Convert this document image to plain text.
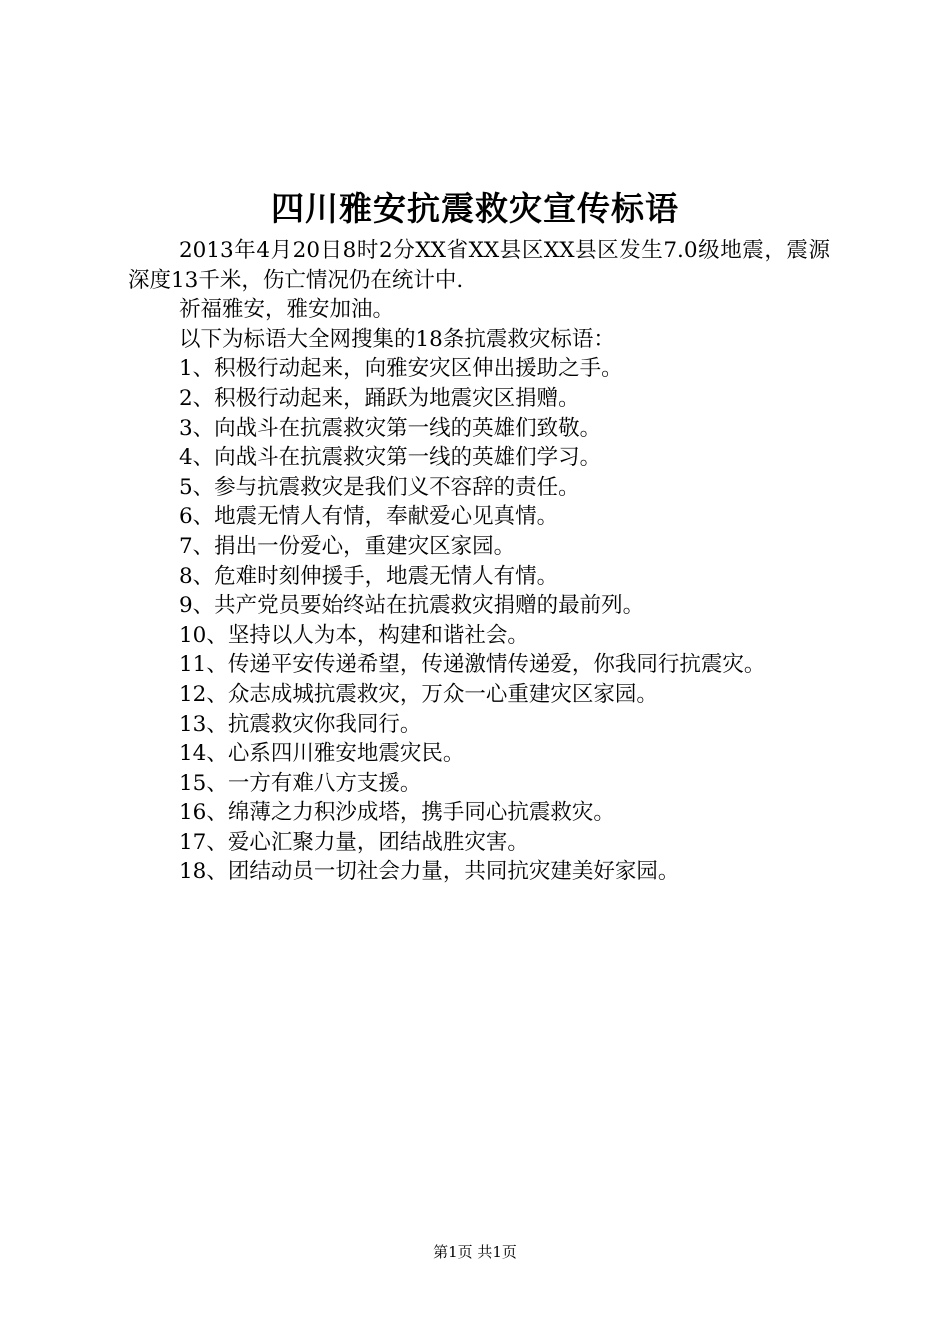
四川雅安抗震救灾宣传标语

2013年4月20日8时2分XX省XX县区XX县区发生7.0级地震，震源深度13千米，伤亡情况仍在统计中.

祈福雅安，雅安加油。

以下为标语大全网搜集的18条抗震救灾标语：

1、积极行动起来，向雅安灾区伸出援助之手。

2、积极行动起来，踊跃为地震灾区捐赠。

3、向战斗在抗震救灾第一线的英雄们致敬。

4、向战斗在抗震救灾第一线的英雄们学习。

5、参与抗震救灾是我们义不容辞的责任。

6、地震无情人有情，奉献爱心见真情。

7、捐出一份爱心，重建灾区家园。

8、危难时刻伸援手，地震无情人有情。

9、共产党员要始终站在抗震救灾捐赠的最前列。

10、坚持以人为本，构建和谐社会。

11、传递平安传递希望，传递激情传递爱，你我同行抗震灾。

12、众志成城抗震救灾，万众一心重建灾区家园。

13、抗震救灾你我同行。

14、心系四川雅安地震灾民。

15、一方有难八方支援。

16、绵薄之力积沙成塔，携手同心抗震救灾。

17、爱心汇聚力量，团结战胜灾害。

18、团结动员一切社会力量，共同抗灾建美好家园。

第1页 共1页
